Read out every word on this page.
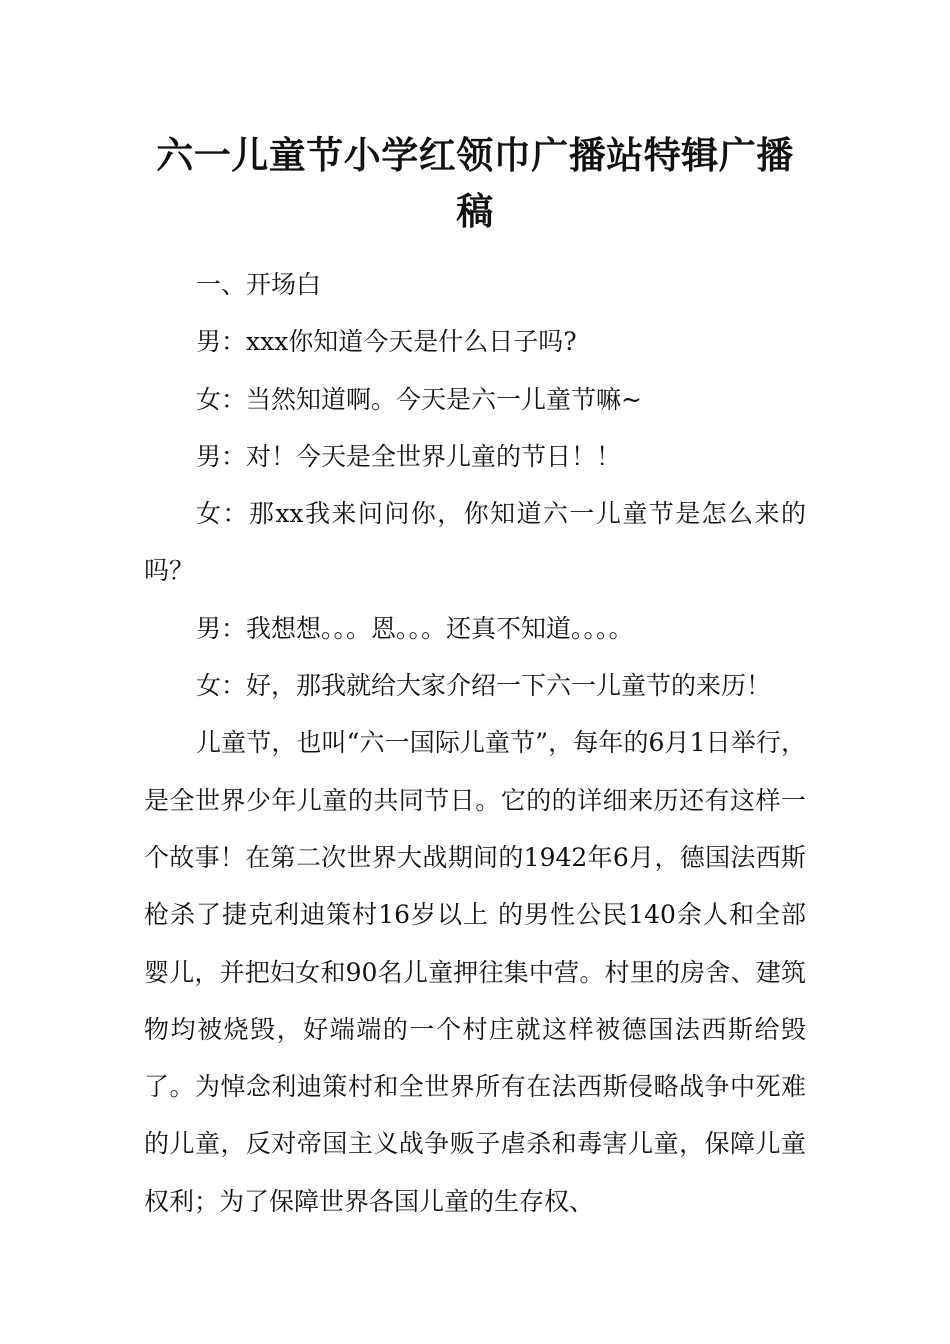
六一儿童节小学红领巾广播站特辑广播稿

一、开场白

男：xxx你知道今天是什么日子吗?

女：当然知道啊。今天是六一儿童节嘛~

男：对！今天是全世界儿童的节日！！

女：那xx我来问问你，你知道六一儿童节是怎么来的吗？

男：我想想。。。恩。。。还真不知道。。。。

女：好，那我就给大家介绍一下六一儿童节的来历！

儿童节，也叫“六一国际儿童节”，每年的6月1日举行，是全世界少年儿童的共同节日。它的的详细来历还有这样一个故事！在第二次世界大战期间的1942年6月，德国法西斯枪杀了捷克利迪策村16岁以上 的男性公民140余人和全部婴儿，并把妇女和90名儿童押往集中营。村里的房舍、建筑物均被烧毁，好端端的一个村庄就这样被德国法西斯给毁了。为悼念利迪策村和全世界所有在法西斯侵略战争中死难的儿童，反对帝国主义战争贩子虐杀和毒害儿童，保障儿童权利；为了保障世界各国儿童的生存权、
